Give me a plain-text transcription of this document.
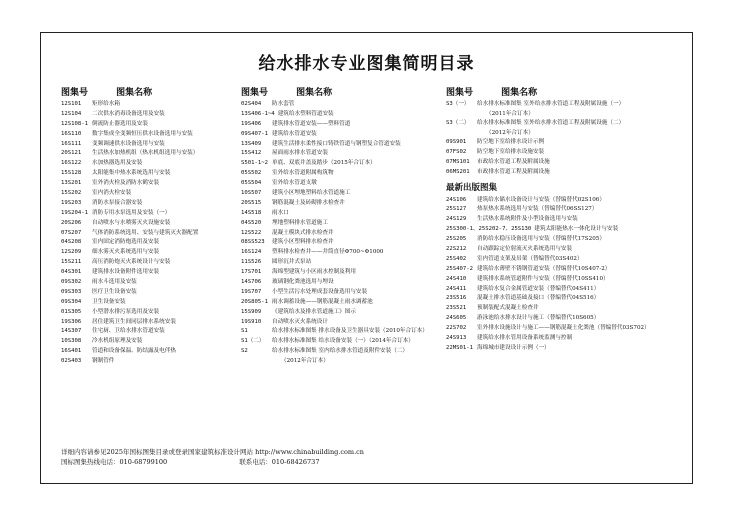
给水排水专业图集简明目录
图集号	图集名称
12S101 矩形给水箱
12S104 二次供水消毒设备选用及安装
12S108-1 倒流防止器选用及安装
16S110 数字集成全变频恒压供水设备选用与安装
16S111 变频调速供水设备选用与安装
20S121 生活热水加热机组（热水机组选用与安装）
16S122 水加热器选用及安装
15S128 太阳能集中热水系统选用与安装
13S201 室外消火栓及消防水鹤安装
15S202 室内消火栓安装
19S203 消防水泵接合器安装
19S204-1 消防专用水泵选用及安装（一）
20S206 自动喷水与水喷雾灭火设施安装
07S207 气体消防系统选用、安装与建筑灭火器配置
04S208 室内固定消防炮选用及安装
12S209 细水雾灭火系统选用与安装
15S211 高压消防炮灭火系统设计与安装
04S301 建筑排水设备附件选用安装
09S302 雨水斗选用及安装
09S303 医疗卫生设备安装
09S304 卫生设备安装
01S305 小型潜水排污泵选用及安装
19S306 居住建筑卫生间同层排水系统安装
14S307 住宅厨、卫给水排水管道安装
10S308 冷水机组原理及安装
16S401 管道和设备保温、防结露及电伴热
02S403 钢制管件
图集号	图集名称
02S404 防水套管
13S406-1~4 建筑给水塑料管道安装
19S406 建筑排水管道安装——塑料管道
09S407-1 建筑给水管道安装
13S409 建筑生活排水柔性接口铸铁管道与钢塑复合管道安装
15S412 屋面雨水排水管道安装
S501-1~2 单底、双底井盖及踏步（2015年合订本）
05S502 室外给水管道附属构筑物
05S504 室外给水管道支墩
10S507 建筑小区埋地塑料给水管道施工
20S515 钢筋混凝土及砖砌排水检查井
14S518 雨水口
04S520 埋地塑料排水管道施工
12S522 混凝土模块式排水检查井
08SS523 建筑小区塑料排水检查井
16S124 塑料排水检查井——井筒直径Φ700~Φ1000
11S526 圆形沉井式泵站
17S701 海绵型建筑与小区雨水控制及利用
14S706 玻璃钢化粪池选用与埋设
19S707 小型生活污水处理成套设备选用与安装
20S805-1 雨水调蓄设施——钢筋混凝土雨水调蓄池
15S909 《建筑给水及排水管道施工》图示
19S910 自动喷水灭火系统设计
S1	给水排水标准图集 排水设备及卫生器具安装（2010年合订本）
S1（二） 给水排水标准图集 给水设备安装（一）（2014年合订本）
S2	给水排水标准图集 室内给水排水管道及附件安装（二）
（2012年合订本）
图集号	图集名称
S3（一） 给水排水标准图集 室外给水排水管道工程及附属设施（一）
（2011年合订本）
S3（二） 给水排水标准图集 室外给水排水管道工程及附属设施（二）
（2012年合订本）
09S901 防空地下室给排水设计示例
07FS02 防空地下室给排水设施安装
07MS101 市政给水管道工程及附属设施
06MS201 市政排水管道工程及附属设施
最新出版图集
24S106 建筑给水储水设备设计与安装（替编替代02S106）
25S127 热泵热水系统选用与安装（替编替代06SS127）
24S129 生活热水系统附件及小型设备选用与安装
25S300-1、25S202-7、25S130 建筑太阳能热水一体化设计与安装
25S205 消防给水稳压设备选用与安装（替编替代17S205）
22S212 自动跟踪定位射流灭火系统选用与安装
25S402 室内管道支架及吊架（替编替代03S402）
25S407-2 建筑给水薄壁不锈钢管道安装（替编替代10S407-2）
24S410 建筑排水系统管道附件与安装（替编替代10SS410）
24S411 建筑给水复合金属管道安装（替编替代04S411）
23S516 混凝土排水管道基础及接口（替编替代04S516）
23S521 预制装配式混凝土检查井
24S605 游泳池给水排水设计与施工（替编替代10S605）
22S702 室外排水设施设计与施工——钢筋混凝土化粪池（替编替代03S702）
24S913 建筑给水排水管用设备系统监测与控制
22MS01-1 海绵城市建设设计示例（一）
详细内容请参见2025年国标图集目录或登录国家建筑标准设计网站 http://www.chinabuilding.com.cn
国标图集热线电话：010-68799100	联系电话：010-68426737
